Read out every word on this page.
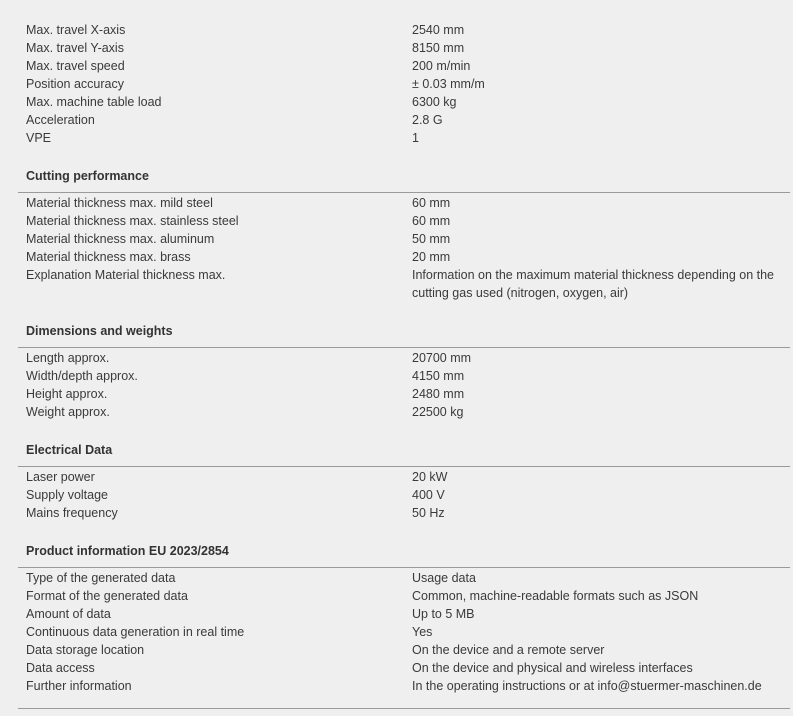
Max. travel X-axis	2540 mm
Max. travel Y-axis	8150 mm
Max. travel speed	200 m/min
Position accuracy	± 0.03 mm/m
Max. machine table load	6300 kg
Acceleration	2.8 G
VPE	1
Cutting performance
Material thickness max. mild steel	60 mm
Material thickness max. stainless steel	60 mm
Material thickness max. aluminum	50 mm
Material thickness max. brass	20 mm
Explanation Material thickness max.	Information on the maximum material thickness depending on the cutting gas used (nitrogen, oxygen, air)
Dimensions and weights
Length approx.	20700 mm
Width/depth approx.	4150 mm
Height approx.	2480 mm
Weight approx.	22500 kg
Electrical Data
Laser power	20 kW
Supply voltage	400 V
Mains frequency	50 Hz
Product information EU 2023/2854
Type of the generated data	Usage data
Format of the generated data	Common, machine-readable formats such as JSON
Amount of data	Up to 5 MB
Continuous data generation in real time	Yes
Data storage location	On the device and a remote server
Data access	On the device and physical and wireless interfaces
Further information	In the operating instructions or at info@stuermer-maschinen.de
